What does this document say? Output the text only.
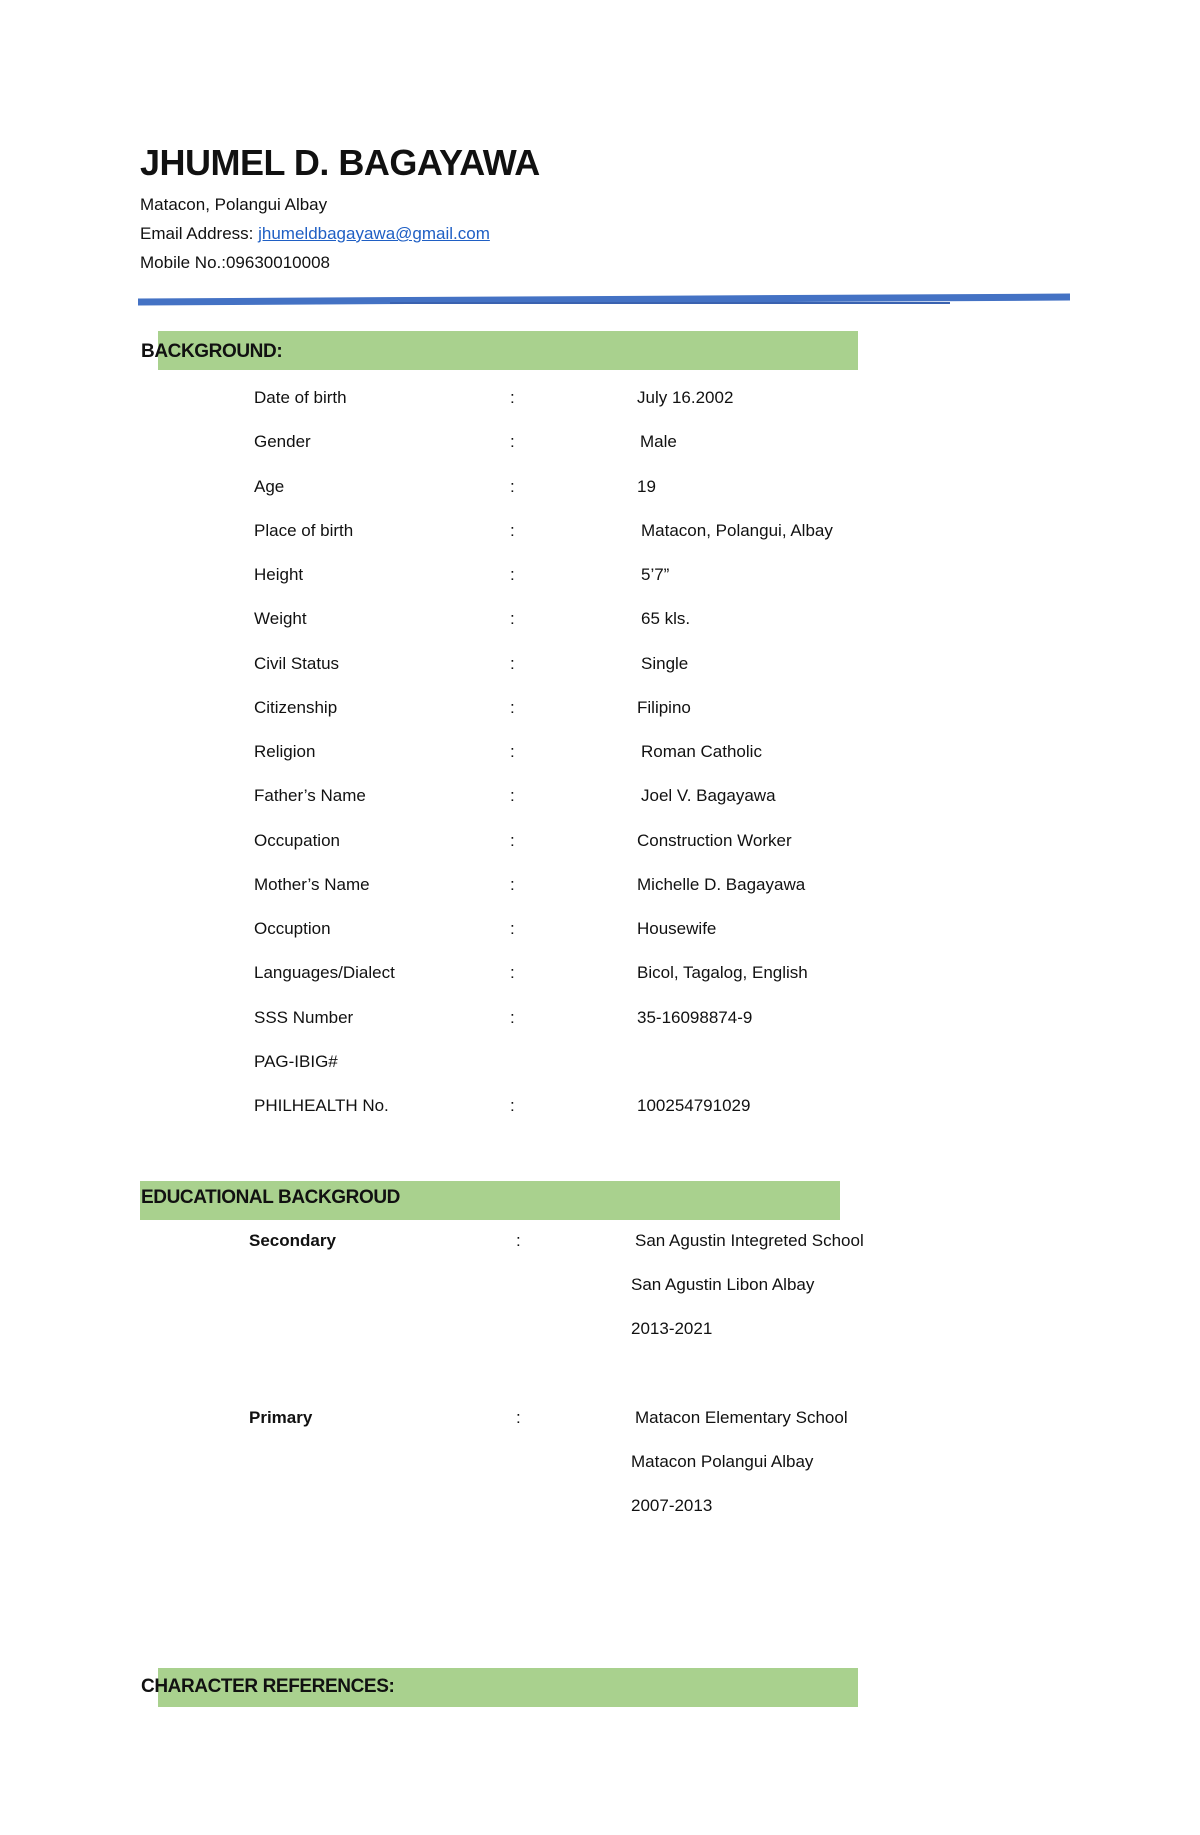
JHUMEL D. BAGAYAWA
Matacon, Polangui Albay
Email Address: jhumeldbagayawa@gmail.com
Mobile No.:09630010008
BACKGROUND:
Date of birth	:	July 16.2002
Gender	:	Male
Age	:	19
Place of birth	:	Matacon, Polangui, Albay
Height	:	5’7”
Weight	:	65 kls.
Civil Status	:	Single
Citizenship	:	Filipino
Religion	:	Roman Catholic
Father’s Name	:	Joel V. Bagayawa
Occupation	:	Construction Worker
Mother’s Name	:	Michelle D. Bagayawa
Occuption	:	Housewife
Languages/Dialect	:	Bicol, Tagalog, English
SSS Number	:	35-16098874-9
PAG-IBIG#
PHILHEALTH No.	:	100254791029
EDUCATIONAL BACKGROUD
Secondary	:	San Agustin Integreted School
San Agustin Libon Albay
2013-2021
Primary	:	Matacon Elementary School
Matacon Polangui Albay
2007-2013
CHARACTER REFERENCES:
